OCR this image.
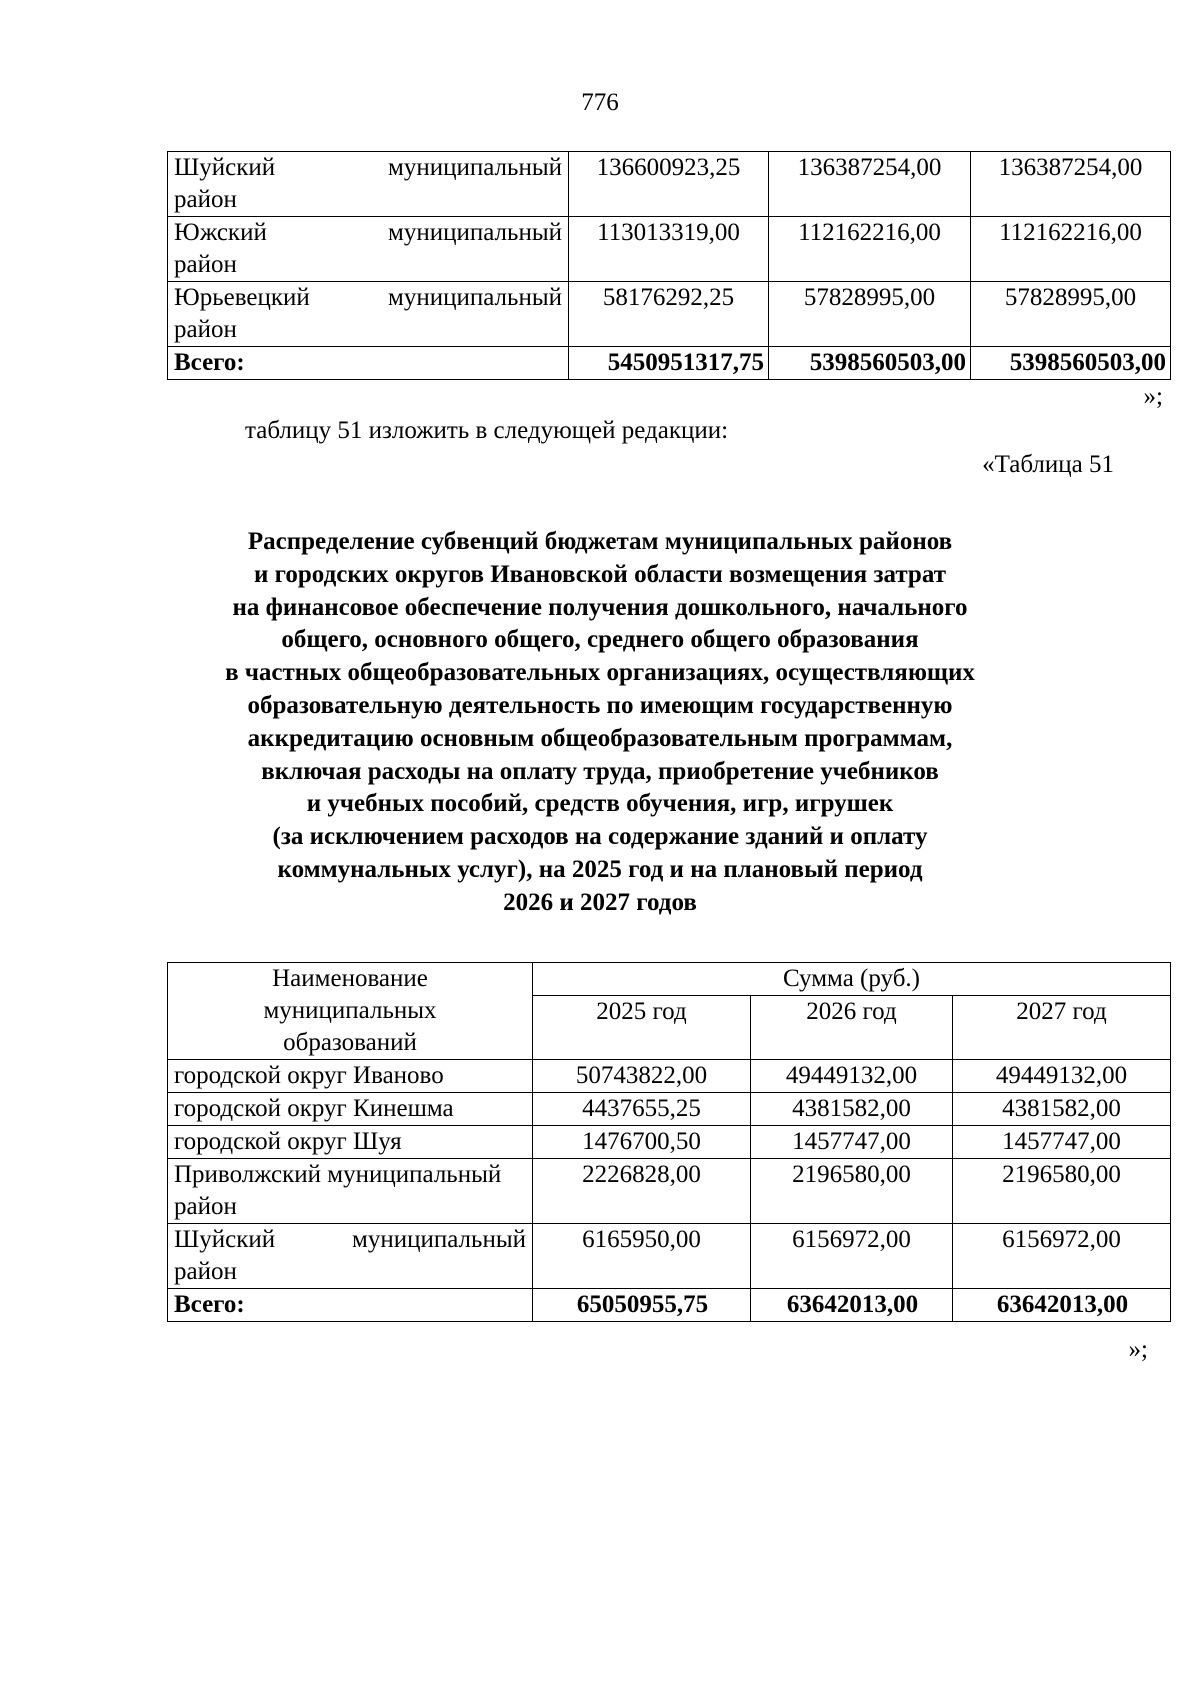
776
Шуйский муниципальный
район	136600923,25	136387254,00	136387254,00

Южский муниципальный
район	113013319,00	112162216,00	112162216,00

Юрьевецкий муниципальный
район	58176292,25	57828995,00	57828995,00
Всего:	5450951317,75	5398560503,00	5398560503,00
»;
таблицу 51 изложить в следующей редакции:
«Таблица 51
Распределение субвенций бюджетам муниципальных районов
и городских округов Ивановской области возмещения затрат
на финансовое обеспечение получения дошкольного, начального
общего, основного общего, среднего общего образования
в частных общеобразовательных организациях, осуществляющих
образовательную деятельность по имеющим государственную
аккредитацию основным общеобразовательным программам,
включая расходы на оплату труда, приобретение учебников
и учебных пособий, средств обучения, игр, игрушек
(за исключением расходов на содержание зданий и оплату
коммунальных услуг), на 2025 год и на плановый период
2026 и 2027 годов
Наименование муниципальных образований	Сумма (руб.)		
	2025 год	2026 год	2027 год
городской округ Иваново	50743822,00	49449132,00	49449132,00
городской округ Кинешма	4437655,25	4381582,00	4381582,00
городской округ Шуя	1476700,50	1457747,00	1457747,00
Приволжский муниципальный район	2226828,00	2196580,00	2196580,00

Шуйский муниципальный
район	6165950,00	6156972,00	6156972,00
Всего:	65050955,75	63642013,00	63642013,00
»;
